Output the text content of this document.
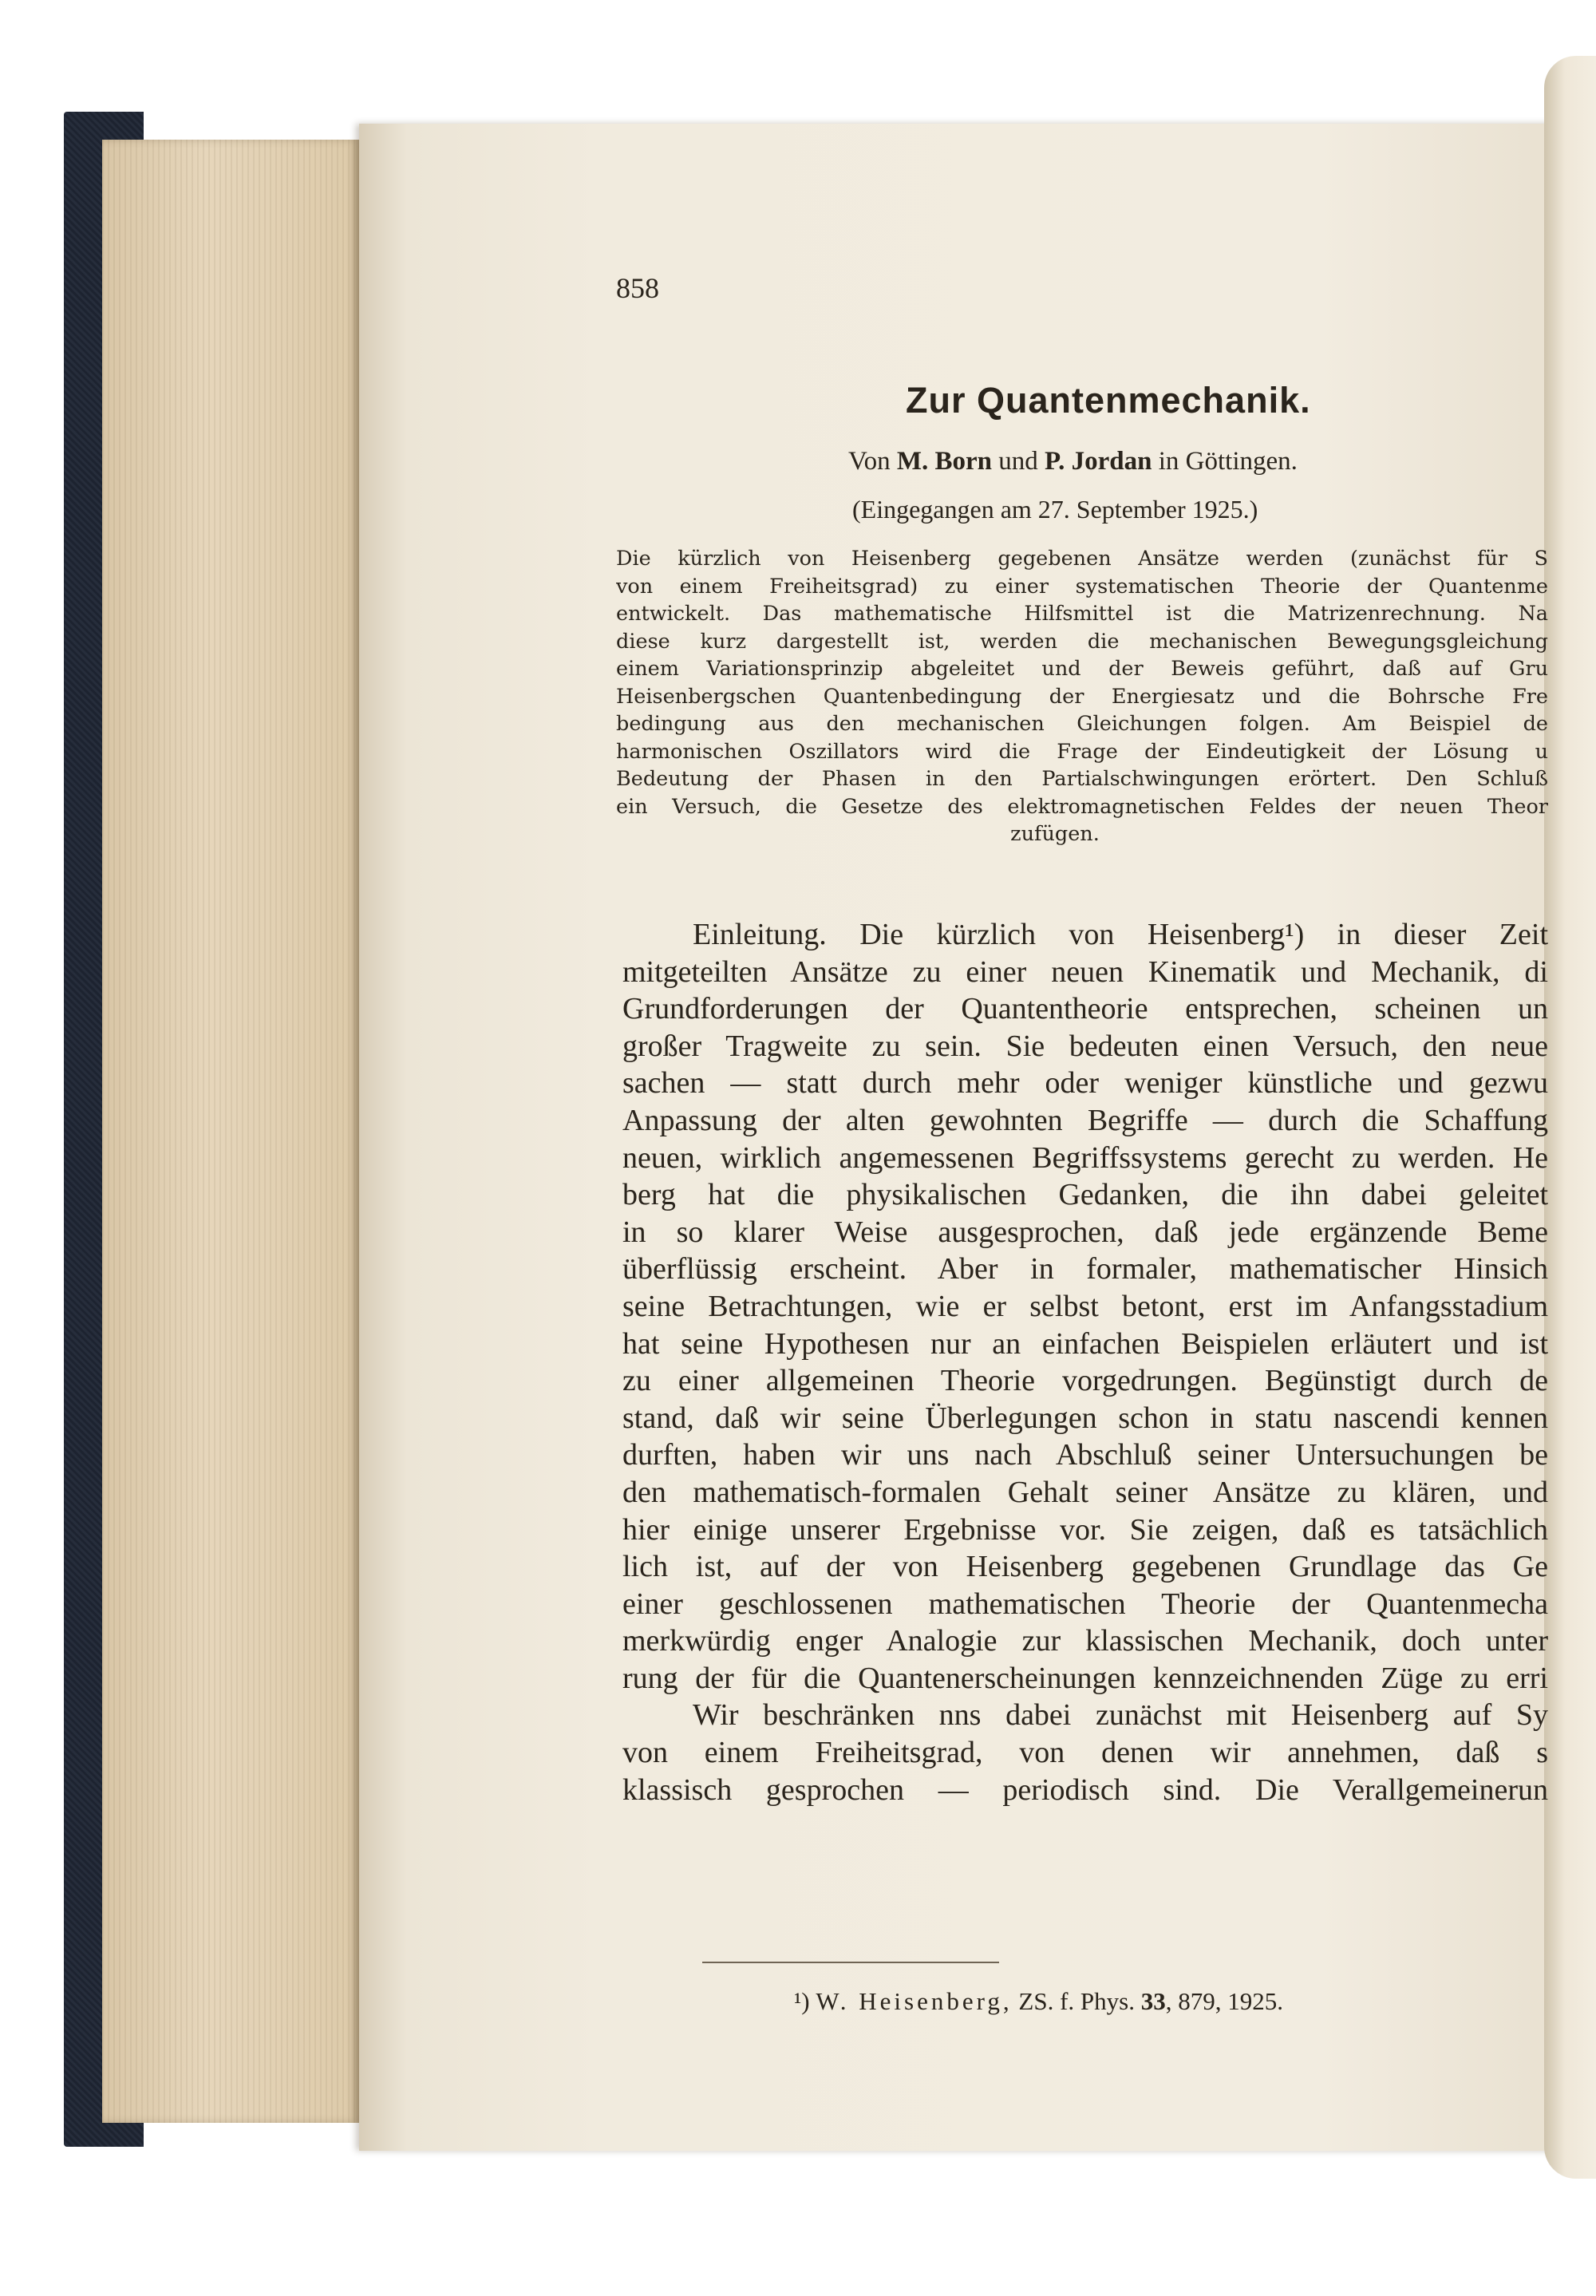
858
Zur Quantenmechanik.
Von M. Born und P. Jordan in Göttingen.
(Eingegangen am 27. September 1925.)
Die kürzlich von Heisenberg gegebenen Ansätze werden (zunächst für S
von einem Freiheitsgrad) zu einer systematischen Theorie der Quantenme
entwickelt. Das mathematische Hilfsmittel ist die Matrizenrechnung. Na
diese kurz dargestellt ist, werden die mechanischen Bewegungsgleichung
einem Variationsprinzip abgeleitet und der Beweis geführt, daß auf Gru
Heisenbergschen Quantenbedingung der Energiesatz und die Bohrsche Fre
bedingung aus den mechanischen Gleichungen folgen. Am Beispiel de
harmonischen Oszillators wird die Frage der Eindeutigkeit der Lösung u
Bedeutung der Phasen in den Partialschwingungen erörtert. Den Schluß
ein Versuch, die Gesetze des elektromagnetischen Feldes der neuen Theor
zufügen.
Einleitung. Die kürzlich von Heisenberg¹) in dieser Zeit
mitgeteilten Ansätze zu einer neuen Kinematik und Mechanik, di
Grundforderungen der Quantentheorie entsprechen, scheinen un
großer Tragweite zu sein. Sie bedeuten einen Versuch, den neue
sachen — statt durch mehr oder weniger künstliche und gezwu
Anpassung der alten gewohnten Begriffe — durch die Schaffung
neuen, wirklich angemessenen Begriffssystems gerecht zu werden. He
berg hat die physikalischen Gedanken, die ihn dabei geleitet
in so klarer Weise ausgesprochen, daß jede ergänzende Beme
überflüssig erscheint. Aber in formaler, mathematischer Hinsich
seine Betrachtungen, wie er selbst betont, erst im Anfangsstadium
hat seine Hypothesen nur an einfachen Beispielen erläutert und ist
zu einer allgemeinen Theorie vorgedrungen. Begünstigt durch de
stand, daß wir seine Überlegungen schon in statu nascendi kennen
durften, haben wir uns nach Abschluß seiner Untersuchungen be
den mathematisch-formalen Gehalt seiner Ansätze zu klären, und
hier einige unserer Ergebnisse vor. Sie zeigen, daß es tatsächlich
lich ist, auf der von Heisenberg gegebenen Grundlage das Ge
einer geschlossenen mathematischen Theorie der Quantenmecha
merkwürdig enger Analogie zur klassischen Mechanik, doch unter
rung der für die Quantenerscheinungen kennzeichnenden Züge zu erri
Wir beschränken nns dabei zunächst mit Heisenberg auf Sy
von einem Freiheitsgrad, von denen wir annehmen, daß s
klassisch gesprochen — periodisch sind. Die Verallgemeinerun
¹) W. Heisenberg, ZS. f. Phys. 33, 879, 1925.
